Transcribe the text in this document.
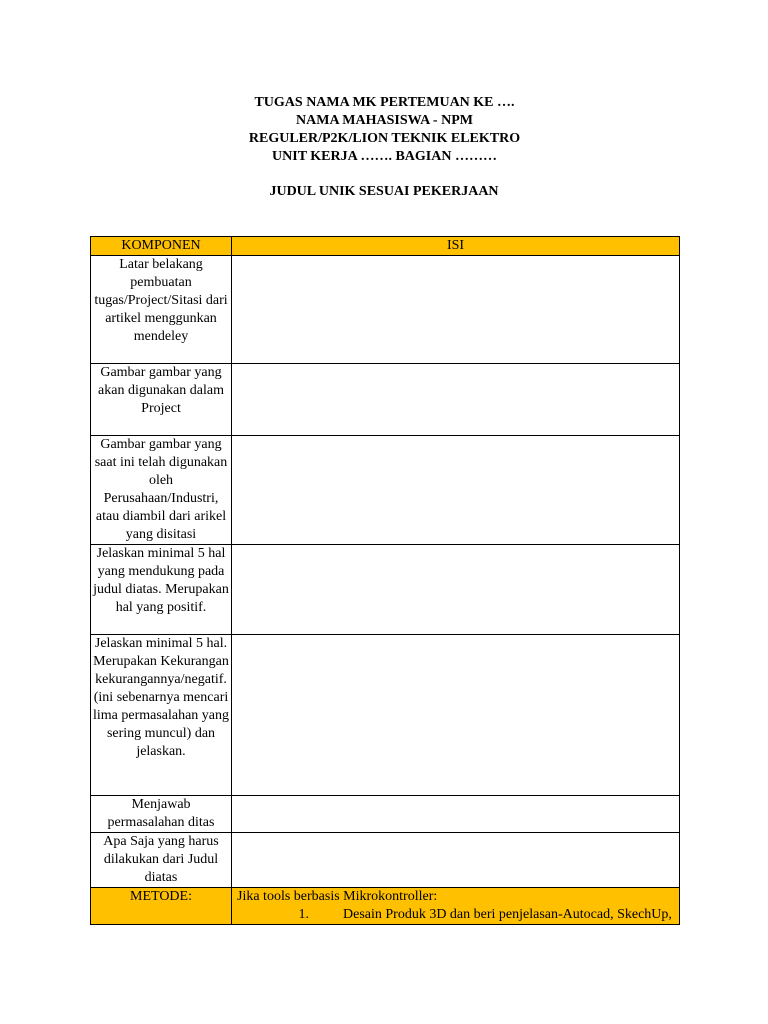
TUGAS NAMA MK PERTEMUAN KE ….
NAMA MAHASISWA - NPM
REGULER/P2K/LION TEKNIK ELEKTRO
UNIT KERJA ……. BAGIAN ………
JUDUL UNIK SESUAI PEKERJAAN
KOMPONEN	ISI
Latar belakang pembuatan tugas/Project/Sitasi dari artikel menggunkan mendeley	
Gambar gambar yang akan digunakan dalam Project	
Gambar gambar yang saat ini telah digunakan oleh Perusahaan/Industri, atau diambil dari arikel yang disitasi	
Jelaskan minimal 5 hal yang mendukung pada judul diatas. Merupakan hal yang positif.	
Jelaskan minimal 5 hal. Merupakan Kekurangan kekurangannya/negatif. (ini sebenarnya mencari lima permasalahan yang sering muncul) dan jelaskan.	
Menjawab permasalahan ditas	
Apa Saja yang harus dilakukan dari Judul diatas	
METODE:	Jika tools berbasis Mikrokontroller:
1. Desain Produk 3D dan beri penjelasan-Autocad, SkechUp,
